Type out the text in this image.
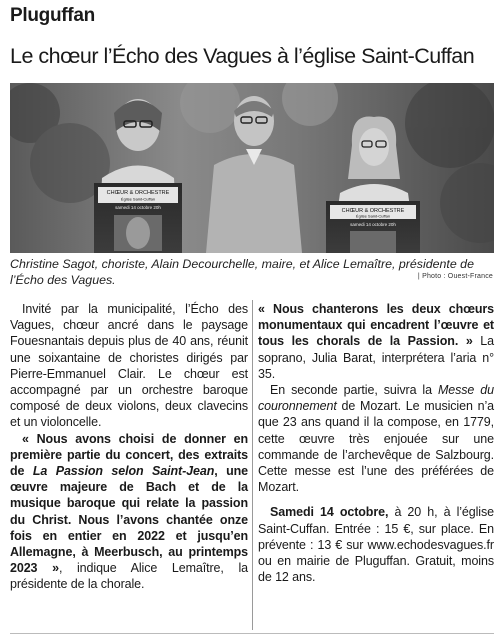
Pluguffan
Le chœur l’Écho des Vagues à l’église Saint-Cuffan
CHŒUR & ORCHESTRE
Église Saint-Cuffan
samedi 14 octobre 20h
CHŒUR & ORCHESTRE
Église Saint-Cuffan
samedi 14 octobre 20h
Christine Sagot, choriste, Alain Decourchelle, maire, et Alice Lemaître, présidente de l’Écho des Vagues.	| Photo : Ouest-France

Invité par la municipalité, l’Écho des Vagues, chœur ancré dans le paysage Fouesnantais depuis plus de 40 ans, réunit une soixantaine de choristes dirigés par Pierre-Emmanuel Clair. Le chœur est accompagné par un orchestre baroque composé de deux violons, deux clavecins et un violoncelle.

« Nous avons choisi de donner en première partie du concert, des extraits de La Passion selon Saint-Jean, une œuvre majeure de Bach et de la musique baroque qui relate la passion du Christ. Nous l’avons chantée onze fois en entier en 2022 et jusqu’en Allemagne, à Meerbusch, au printemps 2023 », indique Alice Lemaître, la présidente de la chorale.

« Nous chanterons les deux chœurs monumentaux qui encadrent l’œuvre et tous les chorals de la Passion. » La soprano, Julia Barat, interprétera l’aria n° 35.

En seconde partie, suivra la Messe du couronnement de Mozart. Le musicien n’a que 23 ans quand il la compose, en 1779, cette œuvre très enjouée sur une commande de l’archevêque de Salzbourg. Cette messe est l’une des préférées de Mozart.

Samedi 14 octobre, à 20 h, à l’église Saint-Cuffan. Entrée : 15 €, sur place. En prévente : 13 € sur www.echodesvagues.fr ou en mairie de Pluguffan. Gratuit, moins de 12 ans.
